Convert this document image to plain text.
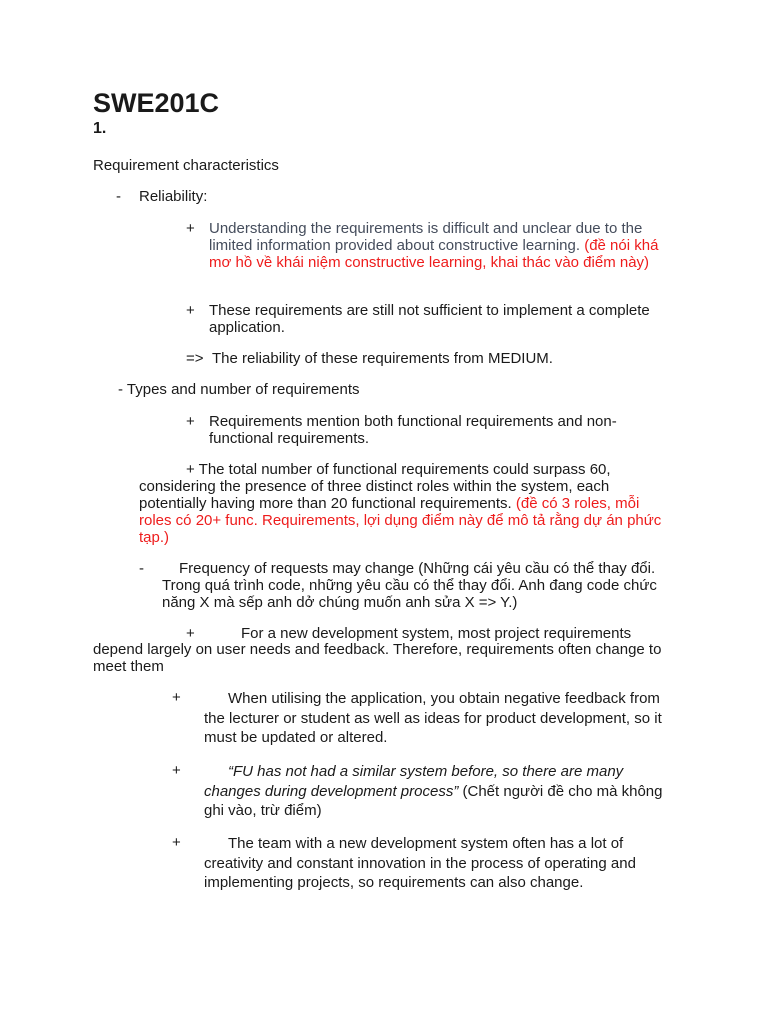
SWE201C
1.

Requirement characteristics

- Reliability:
+ Understanding the requirements is difficult and unclear due to the limited information provided about constructive learning. (đề nói khá mơ hồ về khái niệm constructive learning, khai thác vào điểm này)

+ These requirements are still not sufficient to implement a complete application.

=> The reliability of these requirements from MEDIUM.

- Types and number of requirements

+ Requirements mention both functional requirements and non-functional requirements.

+ The total number of functional requirements could surpass 60, considering the presence of three distinct roles within the system, each potentially having more than 20 functional requirements. (đề có 3 roles, mỗi roles có 20+ func. Requirements, lợi dụng điểm này để mô tả rằng dự án phức tạp.)

-	Frequency of requests may change (Những cái yêu cầu có thể thay đổi. Trong quá trình code, những yêu cầu có thể thay đổi. Anh đang code chức năng X mà sếp anh dở chúng muốn anh sửa X => Y.)

+	For a new development system, most project requirements

depend largely on user needs and feedback. Therefore, requirements often change to meet them

+	When utilising the application, you obtain negative feedback from the lecturer or student as well as ideas for product development, so it must be updated or altered.

+	“FU has not had a similar system before, so there are many changes during development process” (Chết người đề cho mà không ghi vào, trừ điểm)

+	The team with a new development system often has a lot of creativity and constant innovation in the process of operating and implementing projects, so requirements can also change.
